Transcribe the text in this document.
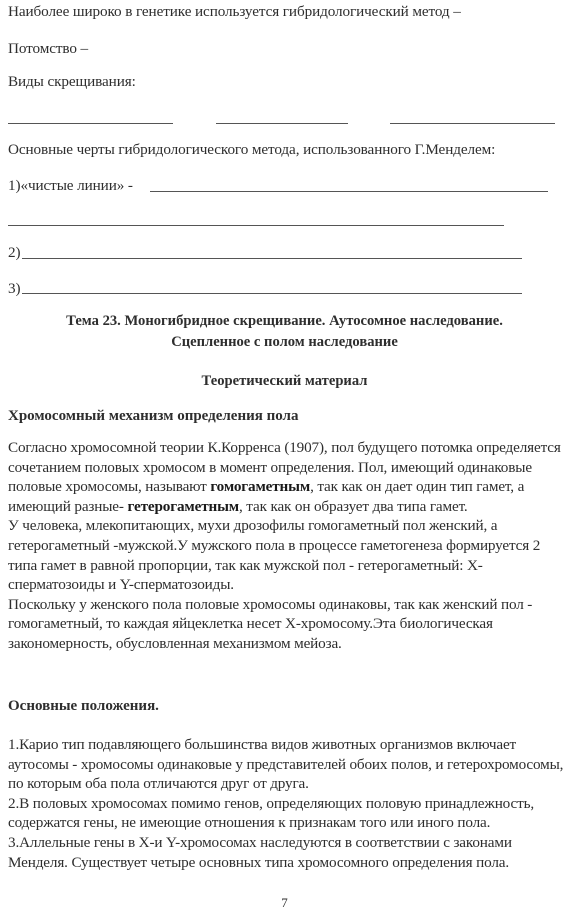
Наиболее широко в генетике используется гибридологический метод –
Потомство –
Виды скрещивания:
Основные черты гибридологического метода, использованного Г.Менделем:
1)«чистые линии» -
2)
3)
Тема 23. Моногибридное скрещивание. Аутосомное наследование.
Сцепленное с полом наследование
Теоретический материал
Хромосомный механизм определения пола

Согласно хромосомной теории К.Корренса (1907), пол будущего потомка определяется сочетанием половых хромосом в момент определения. Пол, имеющий одинаковые половые хромосомы, называют гомогаметным, так как он дает один тип гамет, а имеющий разные- гетерогаметным, так как он образует два типа гамет.

У человека, млекопитающих, мухи дрозофилы гомогаметный пол женский, а гетерогаметный -мужской.У мужского пола в процессе гаметогенеза формируется 2 типа гамет в равной пропорции, так как мужской пол - гетерогаметный: Х-сперматозоиды и Y-сперматозоиды.

Поскольку у женского пола половые хромосомы одинаковы, так как женский пол - гомогаметный, то каждая яйцеклетка несет Х-хромосому.Эта биологическая закономерность, обусловленная механизмом мейоза.

Основные положения.

1.Карио тип подавляющего большинства видов животных организмов включает аутосомы - хромосомы одинаковые у представителей обоих полов, и гетерохромосомы, по которым оба пола отличаются друг от друга.

2.В половых хромосомах помимо генов, определяющих половую принадлежность, содержатся гены, не имеющие отношения к признакам того или иного пола. 3.Аллельные гены в Х-и Y-хромосомах наследуются в соответствии с законами Менделя. Существует четыре основных типа хромосомного определения пола.

7
